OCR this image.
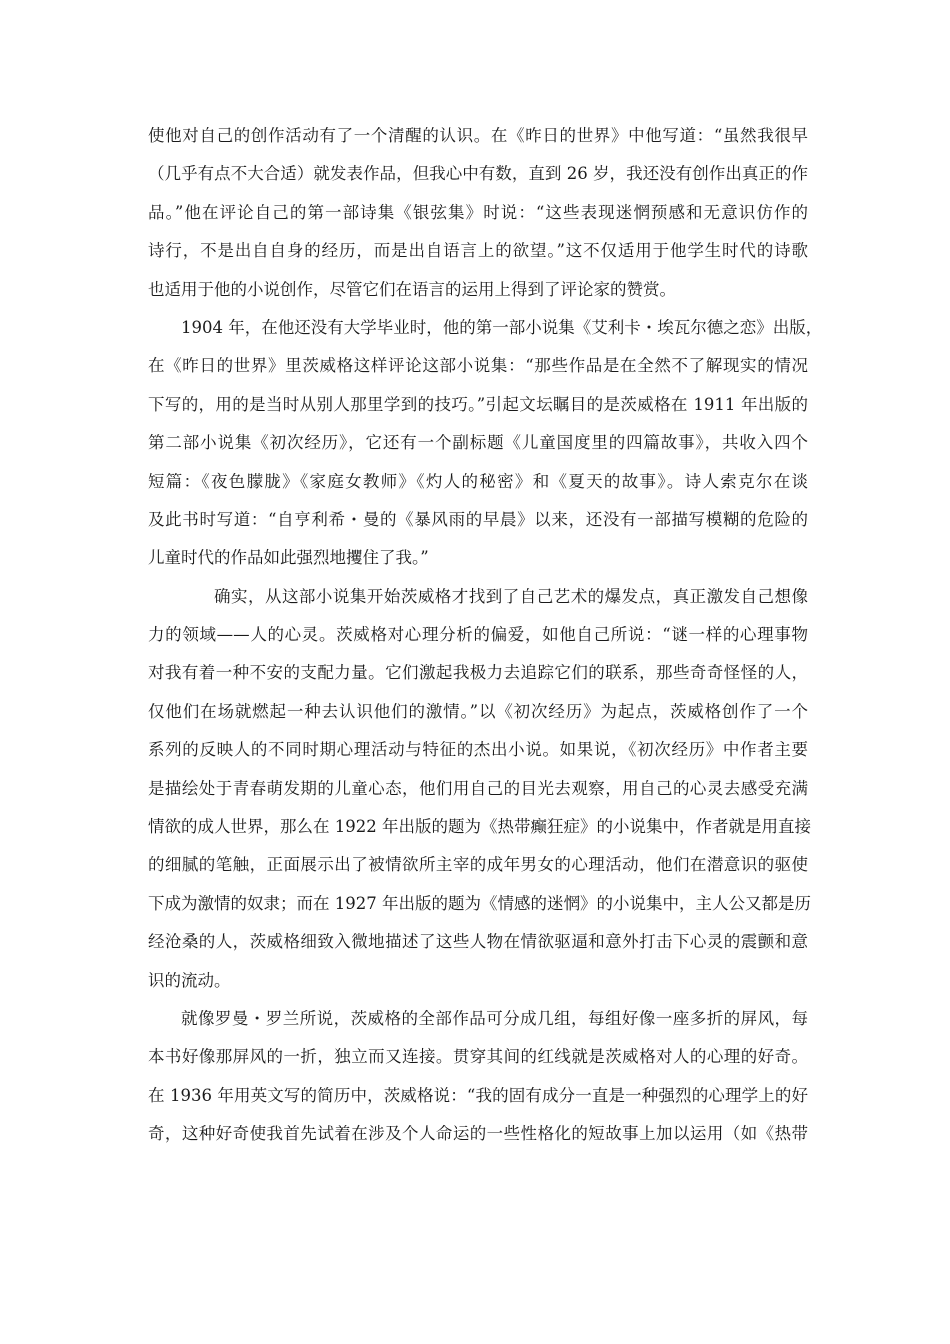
使他对自己的创作活动有了一个清醒的认识。在《昨日的世界》中他写道：“虽然我很早
（几乎有点不大合适）就发表作品，但我心中有数，直到 26 岁，我还没有创作出真正的作
品。”他在评论自己的第一部诗集《银弦集》时说：“这些表现迷惘预感和无意识仿作的
诗行，不是出自自身的经历，而是出自语言上的欲望。”这不仅适用于他学生时代的诗歌
也适用于他的小说创作，尽管它们在语言的运用上得到了评论家的赞赏。
1904 年，在他还没有大学毕业时，他的第一部小说集《艾利卡・埃瓦尔德之恋》出版，
在《昨日的世界》里茨威格这样评论这部小说集：“那些作品是在全然不了解现实的情况
下写的，用的是当时从别人那里学到的技巧。”引起文坛瞩目的是茨威格在 1911 年出版的
第二部小说集《初次经历》，它还有一个副标题《儿童国度里的四篇故事》，共收入四个
短篇：《夜色朦胧》《家庭女教师》《灼人的秘密》和《夏天的故事》。诗人索克尔在谈
及此书时写道：“自亨利希・曼的《暴风雨的早晨》以来，还没有一部描写模糊的危险的
儿童时代的作品如此强烈地攫住了我。”
确实，从这部小说集开始茨威格才找到了自己艺术的爆发点，真正激发自己想像
力的领域——人的心灵。茨威格对心理分析的偏爱，如他自己所说：“谜一样的心理事物
对我有着一种不安的支配力量。它们激起我极力去追踪它们的联系，那些奇奇怪怪的人，
仅他们在场就燃起一种去认识他们的激情。”以《初次经历》为起点，茨威格创作了一个
系列的反映人的不同时期心理活动与特征的杰出小说。如果说，《初次经历》中作者主要
是描绘处于青春萌发期的儿童心态，他们用自己的目光去观察，用自己的心灵去感受充满
情欲的成人世界，那么在 1922 年出版的题为《热带癫狂症》的小说集中，作者就是用直接
的细腻的笔触，正面展示出了被情欲所主宰的成年男女的心理活动，他们在潜意识的驱使
下成为激情的奴隶；而在 1927 年出版的题为《情感的迷惘》的小说集中，主人公又都是历
经沧桑的人，茨威格细致入微地描述了这些人物在情欲驱逼和意外打击下心灵的震颤和意
识的流动。
就像罗曼・罗兰所说，茨威格的全部作品可分成几组，每组好像一座多折的屏风，每
本书好像那屏风的一折，独立而又连接。贯穿其间的红线就是茨威格对人的心理的好奇。
在 1936 年用英文写的简历中，茨威格说：“我的固有成分一直是一种强烈的心理学上的好
奇，这种好奇使我首先试着在涉及个人命运的一些性格化的短故事上加以运用（如《热带
